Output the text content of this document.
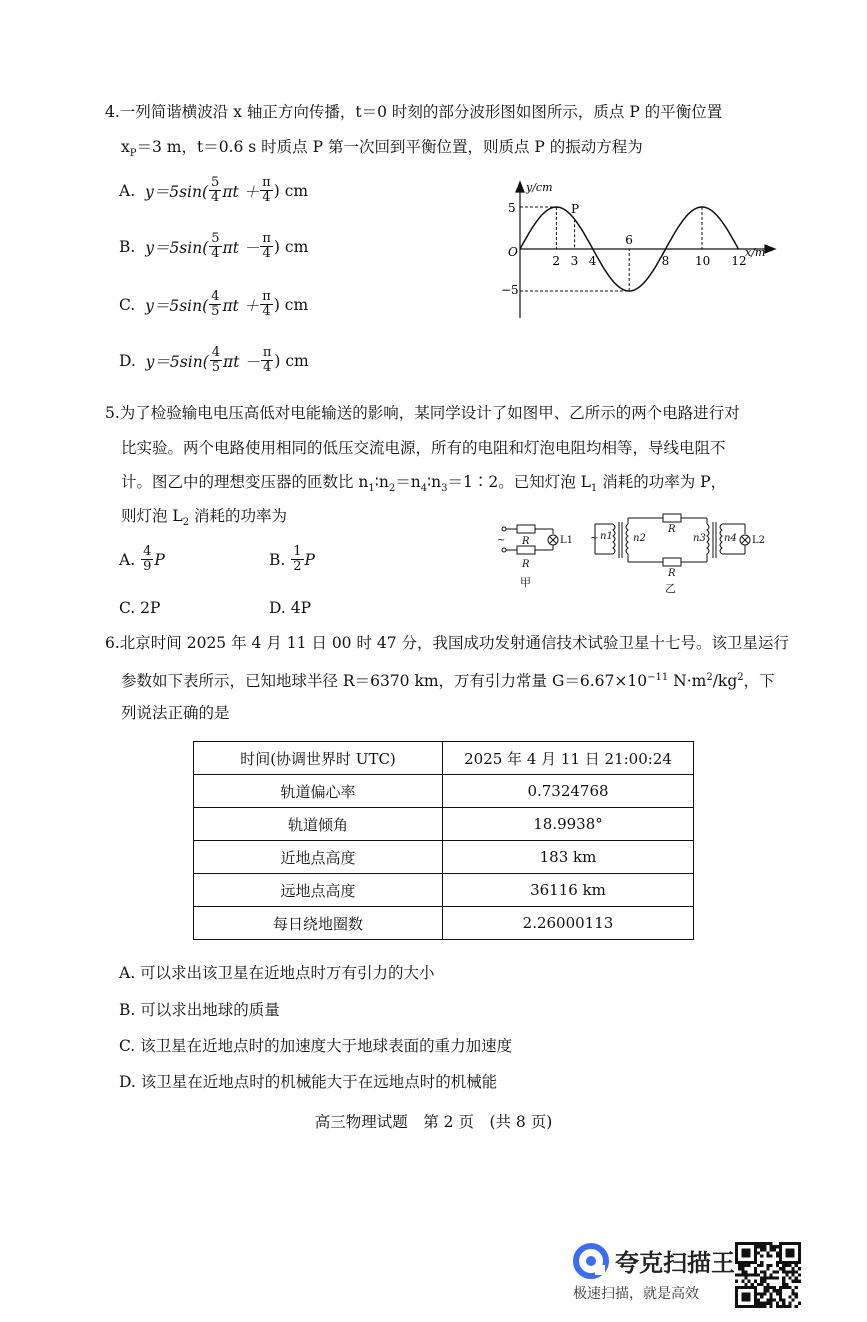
4.一列简谐横波沿 x 轴正方向传播，t＝0 时刻的部分波形图如图所示，质点 P 的平衡位置
$x_P=3$ m，t＝0.6 s 时质点 P 第一次回到平衡位置，则质点 P 的振动方程为
A.
$y=5\sin( \frac{5}{4}$ $\pi t + \frac{\pi}{4}$ ) cm
B.
$y=5\sin( \frac{5}{4}$ $\pi t - \frac{\pi}{4}$ ) cm
C.
$y=5\sin( \frac{4}{5}$ $\pi t + \frac{\pi}{4}$ ) cm
D.
$y=5\sin( \frac{4}{5}$ $\pi t - \frac{\pi}{4}$ ) cm
y/cm
x/m
O
5
−5
P
2 3 4
6
8 10 12
5.为了检验输电电压高低对电能输送的影响，某同学设计了如图甲、乙所示的两个电路进行对
比实验。两个电路使用相同的低压交流电源，所有的电阻和灯泡电阻均相等，导线电阻不
计。图乙中的理想变压器的匝数比 $n_1∶n_2=n_4∶n_3=1∶2$。已知灯泡 $L_1$ 消耗的功率为 P，
则灯泡 $L_2$ 消耗的功率为
A.
$\frac{4}{9}$ P	B.
$\frac{1}{2}$ P
C. 2P	D. 4P
~ R
R
L1
甲
~ n1 n2
R
R
n3 n4 L2
乙
6.北京时间 2025 年 4 月 11 日 00 时 47 分，我国成功发射通信技术试验卫星十七号。该卫星运行
参数如下表所示，已知地球半径 R＝6370 km，万有引力常量 $G=6.67\times 10^{-11}$ $N\cdot m^2/kg^2$，下
列说法正确的是
时间(协调世界时 UTC)	2025 年 4 月 11 日 21:00:24
轨道偏心率	0.7324768
轨道倾角	18.9938°
近地点高度	183 km
远地点高度	36116 km
每日绕地圈数	2.26000113
A. 可以求出该卫星在近地点时万有引力的大小
B. 可以求出地球的质量
C. 该卫星在近地点时的加速度大于地球表面的重力加速度
D. 该卫星在近地点时的机械能大于在远地点时的机械能
高三物理试题　第 2 页　(共 8 页)
夸克扫描王
极速扫描，就是高效
